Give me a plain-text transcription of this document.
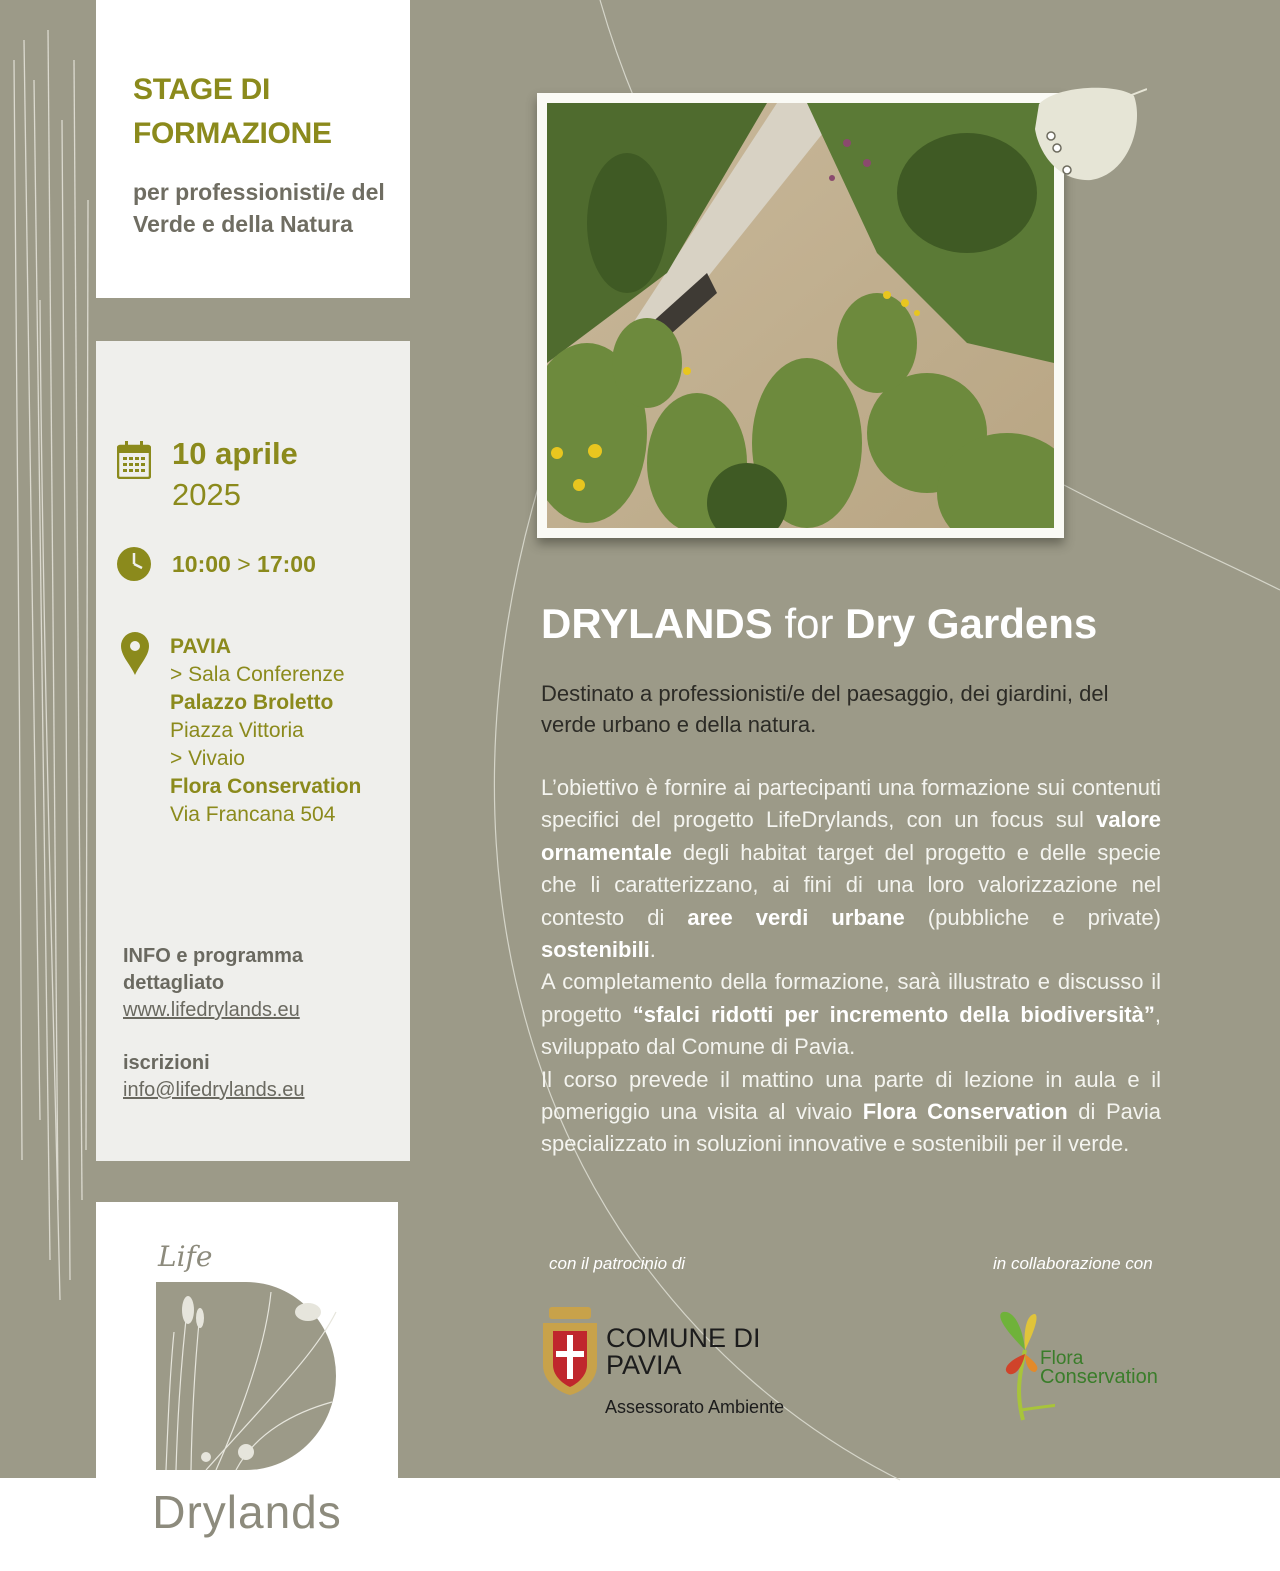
STAGE DI FORMAZIONE
per professionisti/e del Verde e della Natura
10 aprile
2025
10:00 > 17:00
PAVIA
> Sala Conferenze
Palazzo Broletto
Piazza Vittoria
> Vivaio
Flora Conservation
Via Francana 504
INFO e programma dettagliato
www.lifedrylands.eu
iscrizioni
info@lifedrylands.eu
Life
Drylands
DRYLANDS for Dry Gardens
Destinato a professionisti/e del paesaggio, dei giardini, del verde urbano e della natura.

L’obiettivo è fornire ai partecipanti una formazione sui contenuti specifici del progetto LifeDrylands, con un focus sul valore ornamentale degli habitat target del progetto e delle specie che li caratterizzano, ai fini di una loro valorizzazione nel contesto di aree verdi urbane (pubbliche e private) sostenibili.

A completamento della formazione, sarà illustrato e discusso il progetto “sfalci ridotti per incremento della biodiversità”, sviluppato dal Comune di Pavia.

Il corso prevede il mattino una parte di lezione in aula e il pomeriggio una visita al vivaio Flora Conservation di Pavia specializzato in soluzioni innovative e sostenibili per il verde.

con il patrocinio di	in collaborazione con
COMUNE DI
PAVIA
Assessorato Ambiente
Flora
Conservation
